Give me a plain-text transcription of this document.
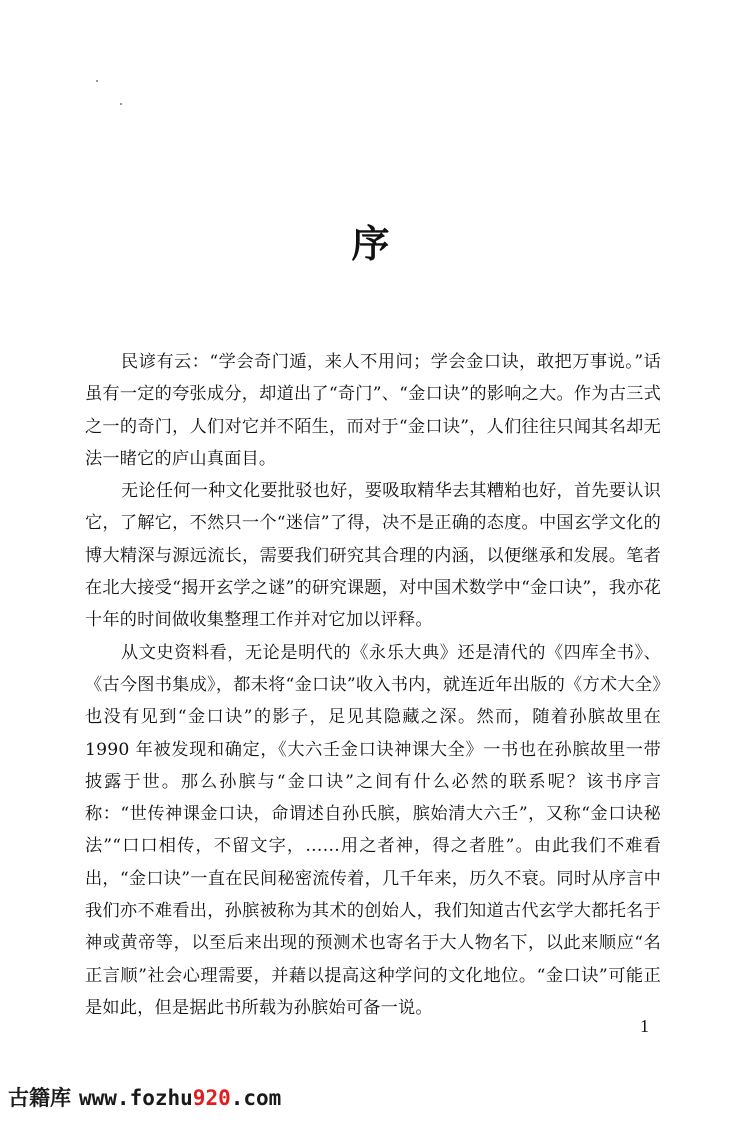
序

民谚有云：“学会奇门遁，来人不用问；学会金口诀，敢把万事说。”话虽有一定的夸张成分，却道出了“奇门”、“金口诀”的影响之大。作为古三式之一的奇门，人们对它并不陌生，而对于“金口诀”，人们往往只闻其名却无法一睹它的庐山真面目。

无论任何一种文化要批驳也好，要吸取精华去其糟粕也好，首先要认识它，了解它，不然只一个“迷信”了得，决不是正确的态度。中国玄学文化的博大精深与源远流长，需要我们研究其合理的内涵，以便继承和发展。笔者在北大接受“揭开玄学之谜”的研究课题，对中国术数学中“金口诀”，我亦花十年的时间做收集整理工作并对它加以评释。

从文史资料看，无论是明代的《永乐大典》还是清代的《四库全书》、《古今图书集成》，都未将“金口诀”收入书内，就连近年出版的《方术大全》也没有见到“金口诀”的影子，足见其隐藏之深。然而，随着孙膑故里在 1990 年被发现和确定，《大六壬金口诀神课大全》一书也在孙膑故里一带披露于世。那么孙膑与“金口诀”之间有什么必然的联系呢？该书序言称：“世传神课金口诀，命谓述自孙氏膑，膑始清大六壬”，又称“金口诀秘法”“口口相传，不留文字，……用之者神，得之者胜”。由此我们不难看出，“金口诀”一直在民间秘密流传着，几千年来，历久不衰。同时从序言中我们亦不难看出，孙膑被称为其术的创始人，我们知道古代玄学大都托名于神或黄帝等，以至后来出现的预测术也寄名于大人物名下，以此来顺应“名正言顺”社会心理需要，并藉以提高这种学问的文化地位。“金口诀”可能正是如此，但是据此书所载为孙膑始可备一说。

1
古籍库 www.fozhu920.com
